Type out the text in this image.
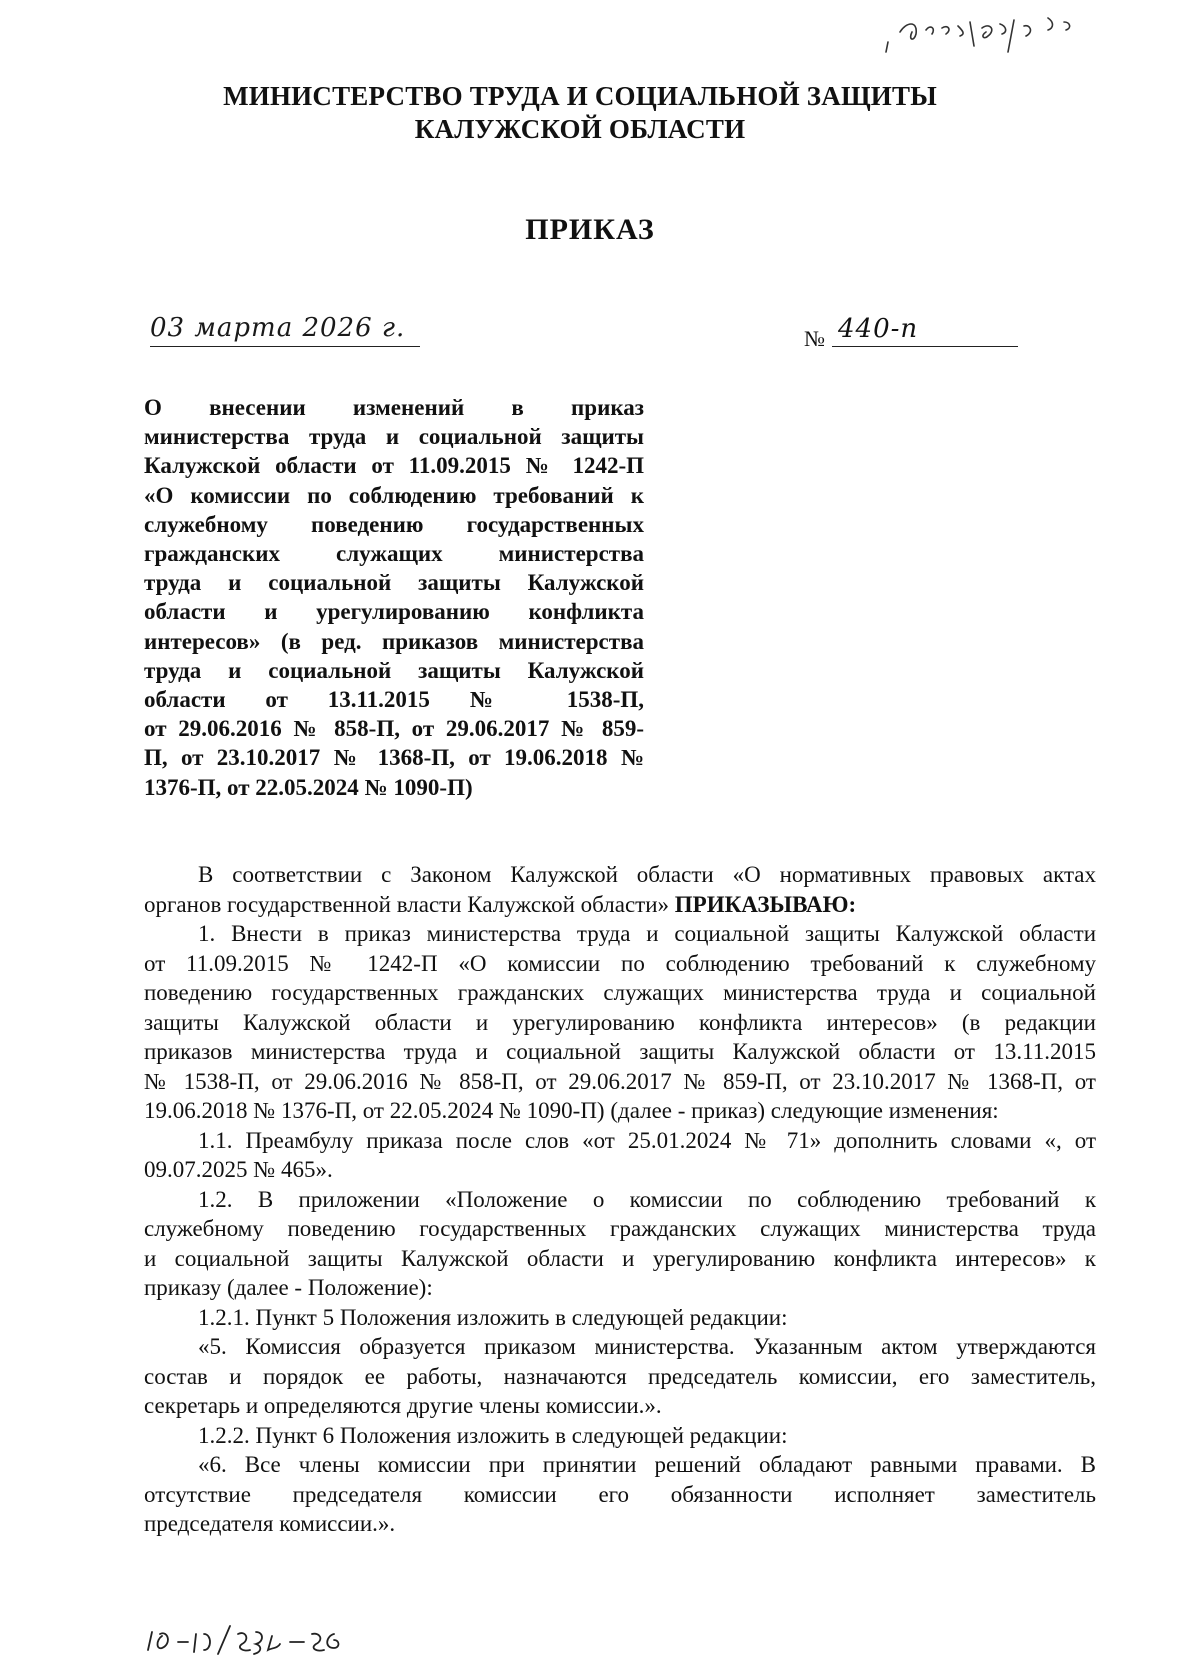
МИНИСТЕРСТВО ТРУДА И СОЦИАЛЬНОЙ ЗАЩИТЫ
КАЛУЖСКОЙ ОБЛАСТИ
ПРИКАЗ
03 марта 2026 г.	№ 440-п
О внесении изменений в приказ
министерства труда и социальной защиты
Калужской области от 11.09.2015 № 1242-П
«О комиссии по соблюдению требований к
служебному поведению государственных
гражданских служащих министерства
труда и социальной защиты Калужской
области и урегулированию конфликта
интересов» (в ред. приказов министерства
труда и социальной защиты Калужской
области от 13.11.2015 № 1538-П,
от 29.06.2016 № 858-П, от 29.06.2017 № 859-
П, от 23.10.2017 № 1368-П, от 19.06.2018 №
1376-П, от 22.05.2024 № 1090-П)

В соответствии с Законом Калужской области «О нормативных правовых актах
органов государственной власти Калужской области» ПРИКАЗЫВАЮ:

1. Внести в приказ министерства труда и социальной защиты Калужской области
от 11.09.2015 № 1242-П «О комиссии по соблюдению требований к служебному
поведению государственных гражданских служащих министерства труда и социальной
защиты Калужской области и урегулированию конфликта интересов» (в редакции
приказов министерства труда и социальной защиты Калужской области от 13.11.2015
№ 1538-П, от 29.06.2016 № 858-П, от 29.06.2017 № 859-П, от 23.10.2017 № 1368-П, от
19.06.2018 № 1376-П, от 22.05.2024 № 1090-П) (далее - приказ) следующие изменения:

1.1. Преамбулу приказа после слов «от 25.01.2024 № 71» дополнить словами «, от
09.07.2025 № 465».

1.2. В приложении «Положение о комиссии по соблюдению требований к
служебному поведению государственных гражданских служащих министерства труда
и социальной защиты Калужской области и урегулированию конфликта интересов» к
приказу (далее - Положение):

1.2.1. Пункт 5 Положения изложить в следующей редакции:

«5. Комиссия образуется приказом министерства. Указанным актом утверждаются
состав и порядок ее работы, назначаются председатель комиссии, его заместитель,
секретарь и определяются другие члены комиссии.».

1.2.2. Пункт 6 Положения изложить в следующей редакции:

«6. Все члены комиссии при принятии решений обладают равными правами. В
отсутствие председателя комиссии его обязанности исполняет заместитель
председателя комиссии.».
